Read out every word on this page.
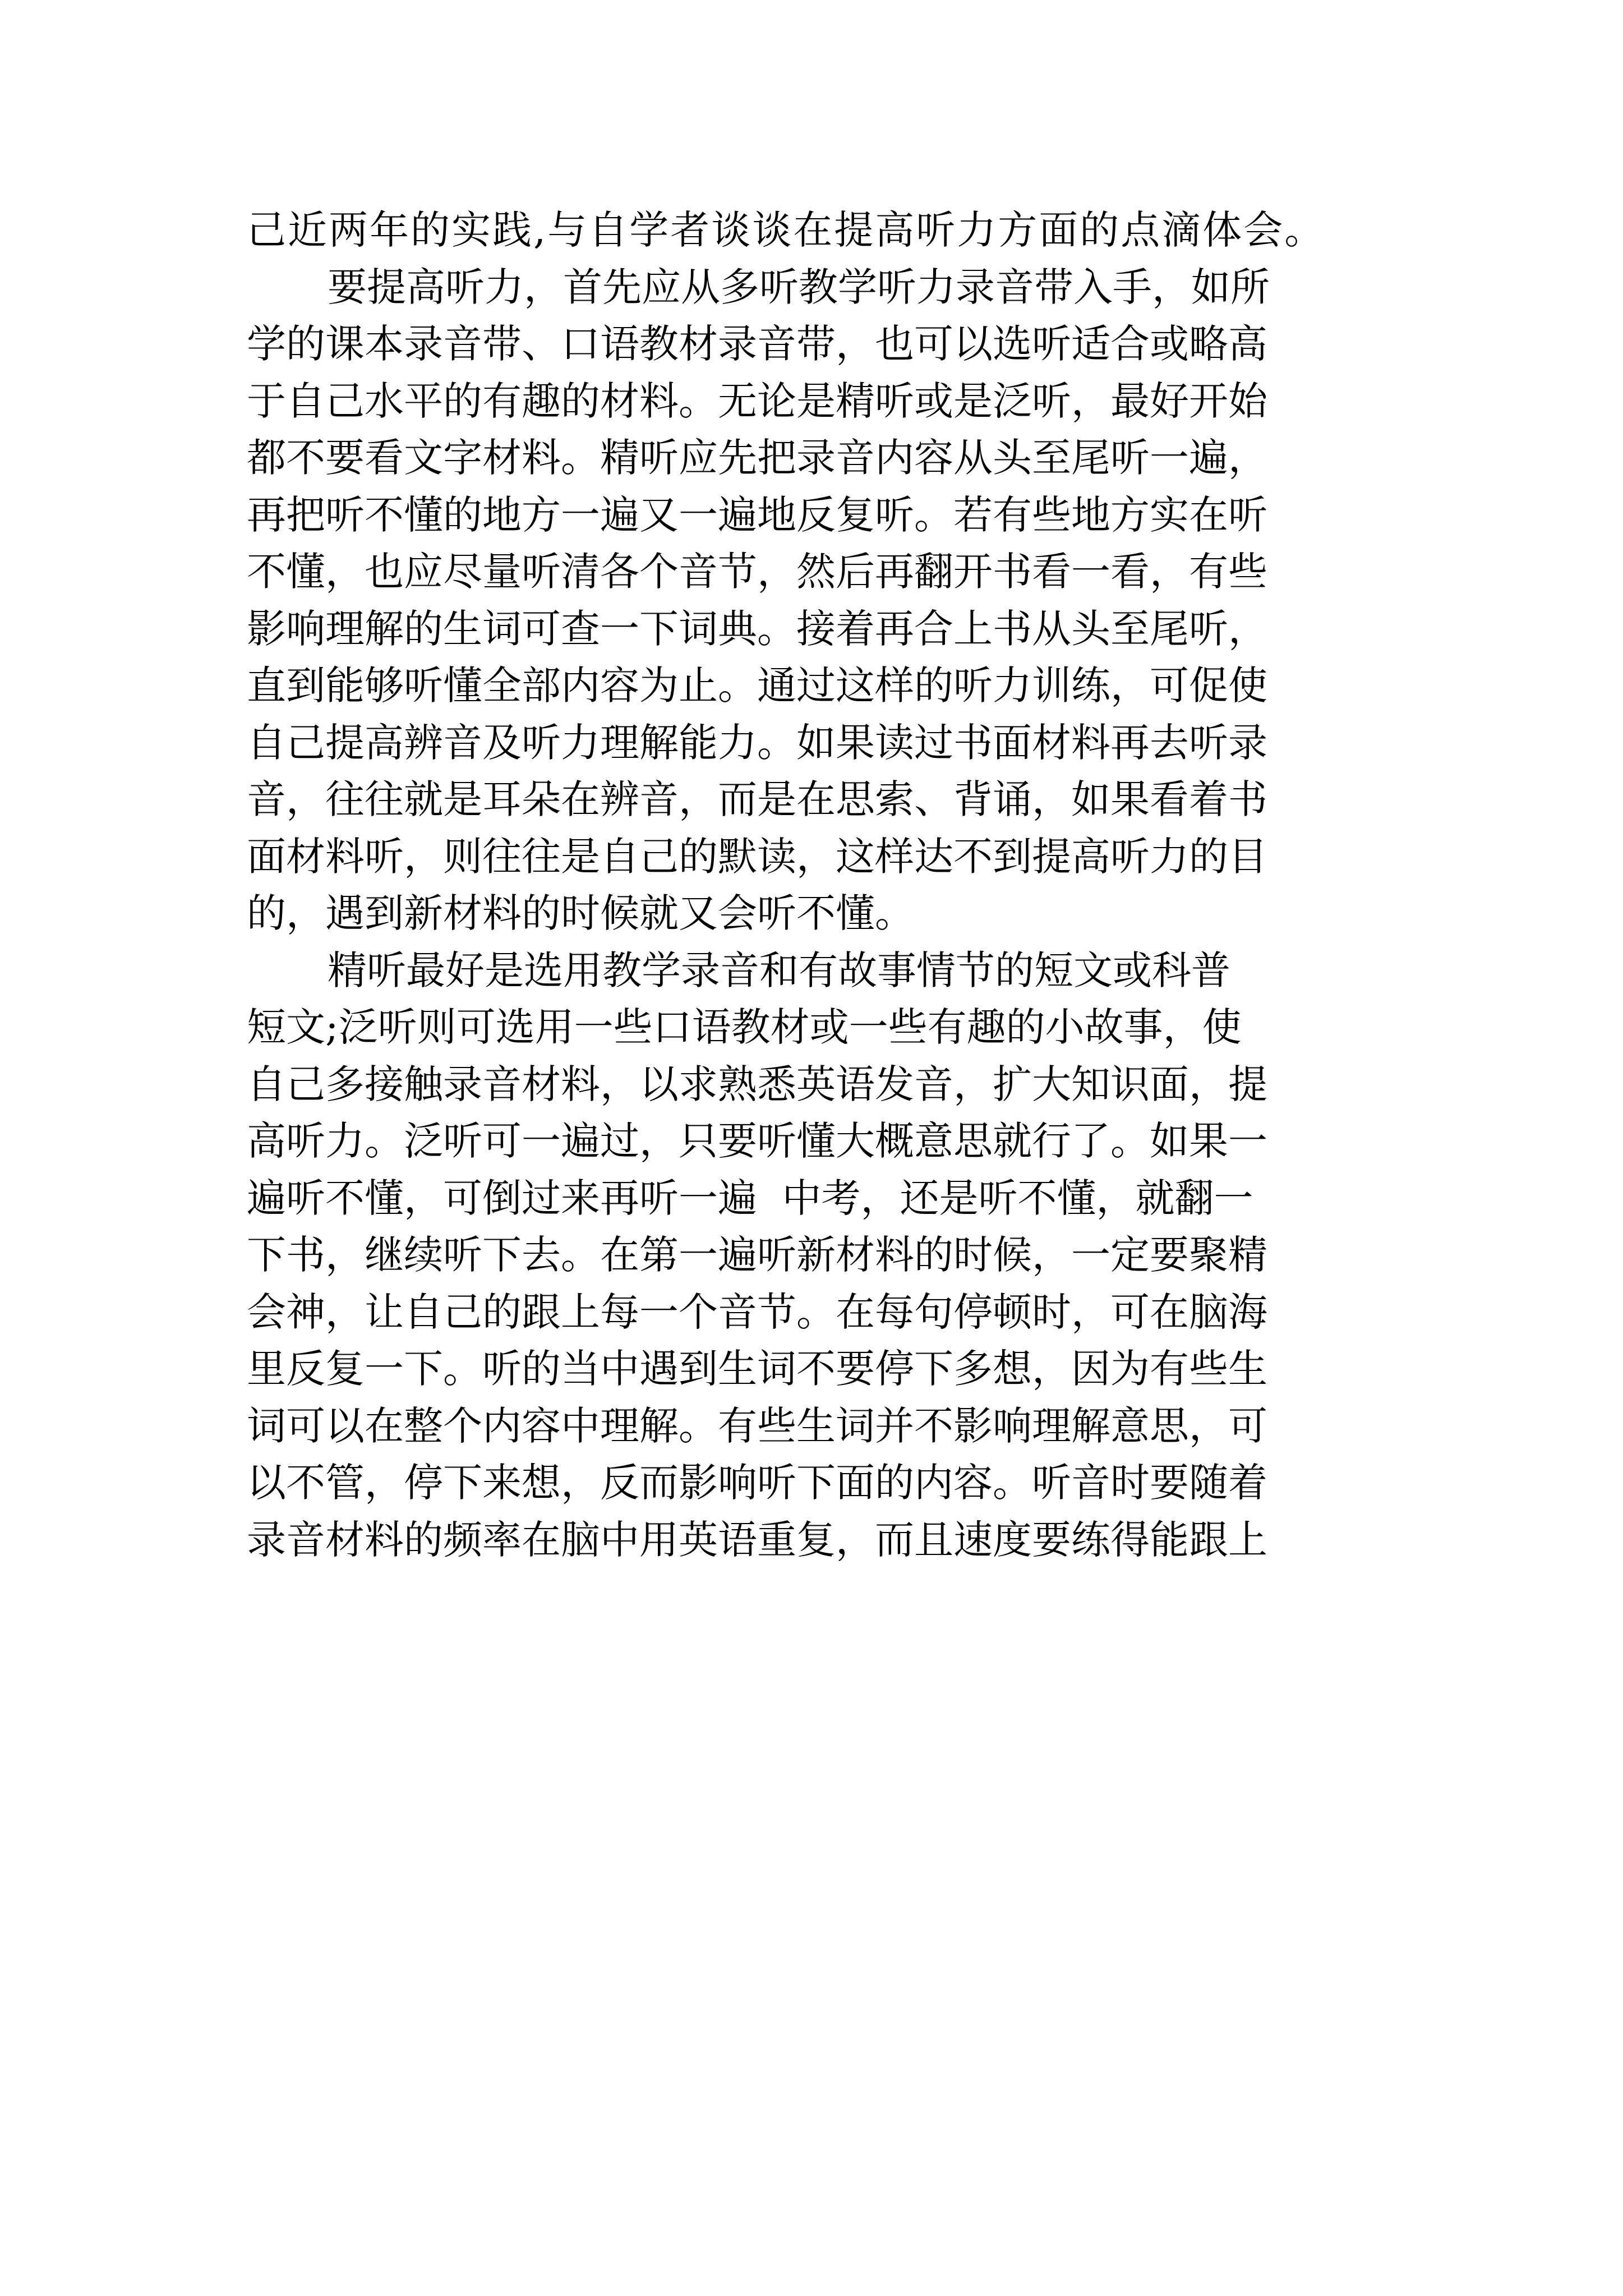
己近两年的实践,与自学者谈谈在提高听力方面的点滴体会。
要提高听力，首先应从多听教学听力录音带入手，如所
学的课本录音带、口语教材录音带，也可以选听适合或略高
于自己水平的有趣的材料。无论是精听或是泛听，最好开始
都不要看文字材料。精听应先把录音内容从头至尾听一遍，
再把听不懂的地方一遍又一遍地反复听。若有些地方实在听
不懂，也应尽量听清各个音节，然后再翻开书看一看，有些
影响理解的生词可查一下词典。接着再合上书从头至尾听，
直到能够听懂全部内容为止。通过这样的听力训练，可促使
自己提高辨音及听力理解能力。如果读过书面材料再去听录
音，往往就是耳朵在辨音，而是在思索、背诵，如果看着书
面材料听，则往往是自己的默读，这样达不到提高听力的目
的，遇到新材料的时候就又会听不懂。
精听最好是选用教学录音和有故事情节的短文或科普
短文;泛听则可选用一些口语教材或一些有趣的小故事，使
自己多接触录音材料，以求熟悉英语发音，扩大知识面，提
高听力。泛听可一遍过，只要听懂大概意思就行了。如果一
遍听不懂，可倒过来再听一遍  中考，还是听不懂，就翻一
下书，继续听下去。在第一遍听新材料的时候，一定要聚精
会神，让自己的跟上每一个音节。在每句停顿时，可在脑海
里反复一下。听的当中遇到生词不要停下多想，因为有些生
词可以在整个内容中理解。有些生词并不影响理解意思，可
以不管，停下来想，反而影响听下面的内容。听音时要随着
录音材料的频率在脑中用英语重复，而且速度要练得能跟上
